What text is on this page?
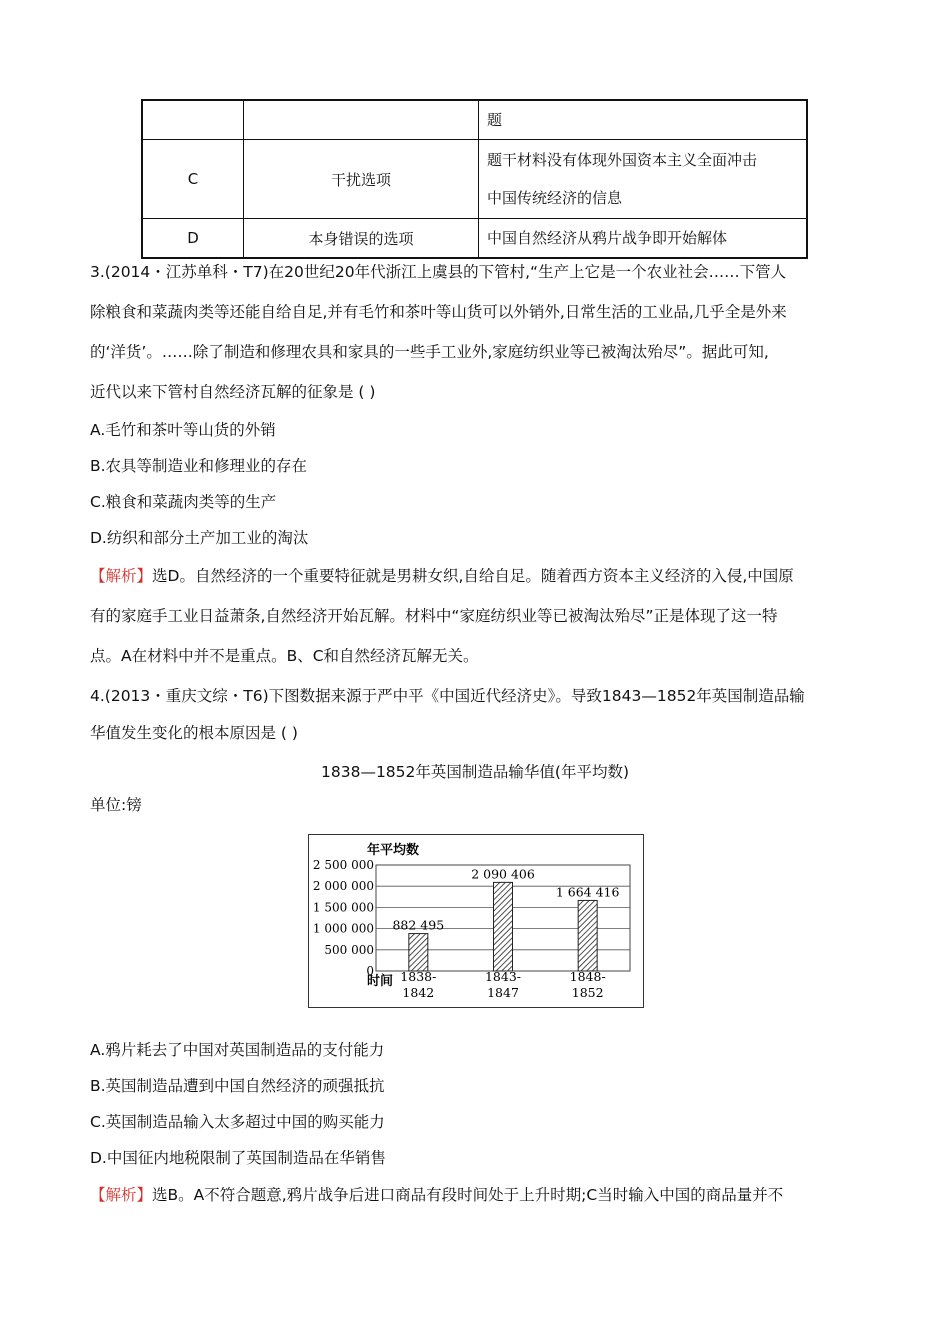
		题

C	干扰选项	题干材料没有体现外国资本主义全面冲击
中国传统经济的信息

D	本身错误的选项	中国自然经济从鸦片战争即开始解体
3.(2014・江苏单科・T7)在20世纪20年代浙江上虞县的下管村,“生产上它是一个农业社会……下管人
除粮食和菜蔬肉类等还能自给自足,并有毛竹和茶叶等山货可以外销外,日常生活的工业品,几乎全是外来
的‘洋货’。……除了制造和修理农具和家具的一些手工业外,家庭纺织业等已被淘汰殆尽”。据此可知,
近代以来下管村自然经济瓦解的征象是 ( )
A.毛竹和茶叶等山货的外销
B.农具等制造业和修理业的存在
C.粮食和菜蔬肉类等的生产
D.纺织和部分土产加工业的淘汰
【解析】选D。自然经济的一个重要特征就是男耕女织,自给自足。随着西方资本主义经济的入侵,中国原
有的家庭手工业日益萧条,自然经济开始瓦解。材料中“家庭纺织业等已被淘汰殆尽”正是体现了这一特
点。A在材料中并不是重点。B、C和自然经济瓦解无关。
4.(2013・重庆文综・T6)下图数据来源于严中平《中国近代经济史》。导致1843—1852年英国制造品输
华值发生变化的根本原因是 ( )
1838—1852年英国制造品输华值(年平均数)
单位:镑
年平均数
0
500 000
1 000 000
1 500 000
2 000 000
2 500 000
882 495
1838-
1842
2 090 406
1843-
1847
1 664 416
1848-
1852
时间
A.鸦片耗去了中国对英国制造品的支付能力
B.英国制造品遭到中国自然经济的顽强抵抗
C.英国制造品输入太多超过中国的购买能力
D.中国征内地税限制了英国制造品在华销售
【解析】选B。A不符合题意,鸦片战争后进口商品有段时间处于上升时期;C当时输入中国的商品量并不
